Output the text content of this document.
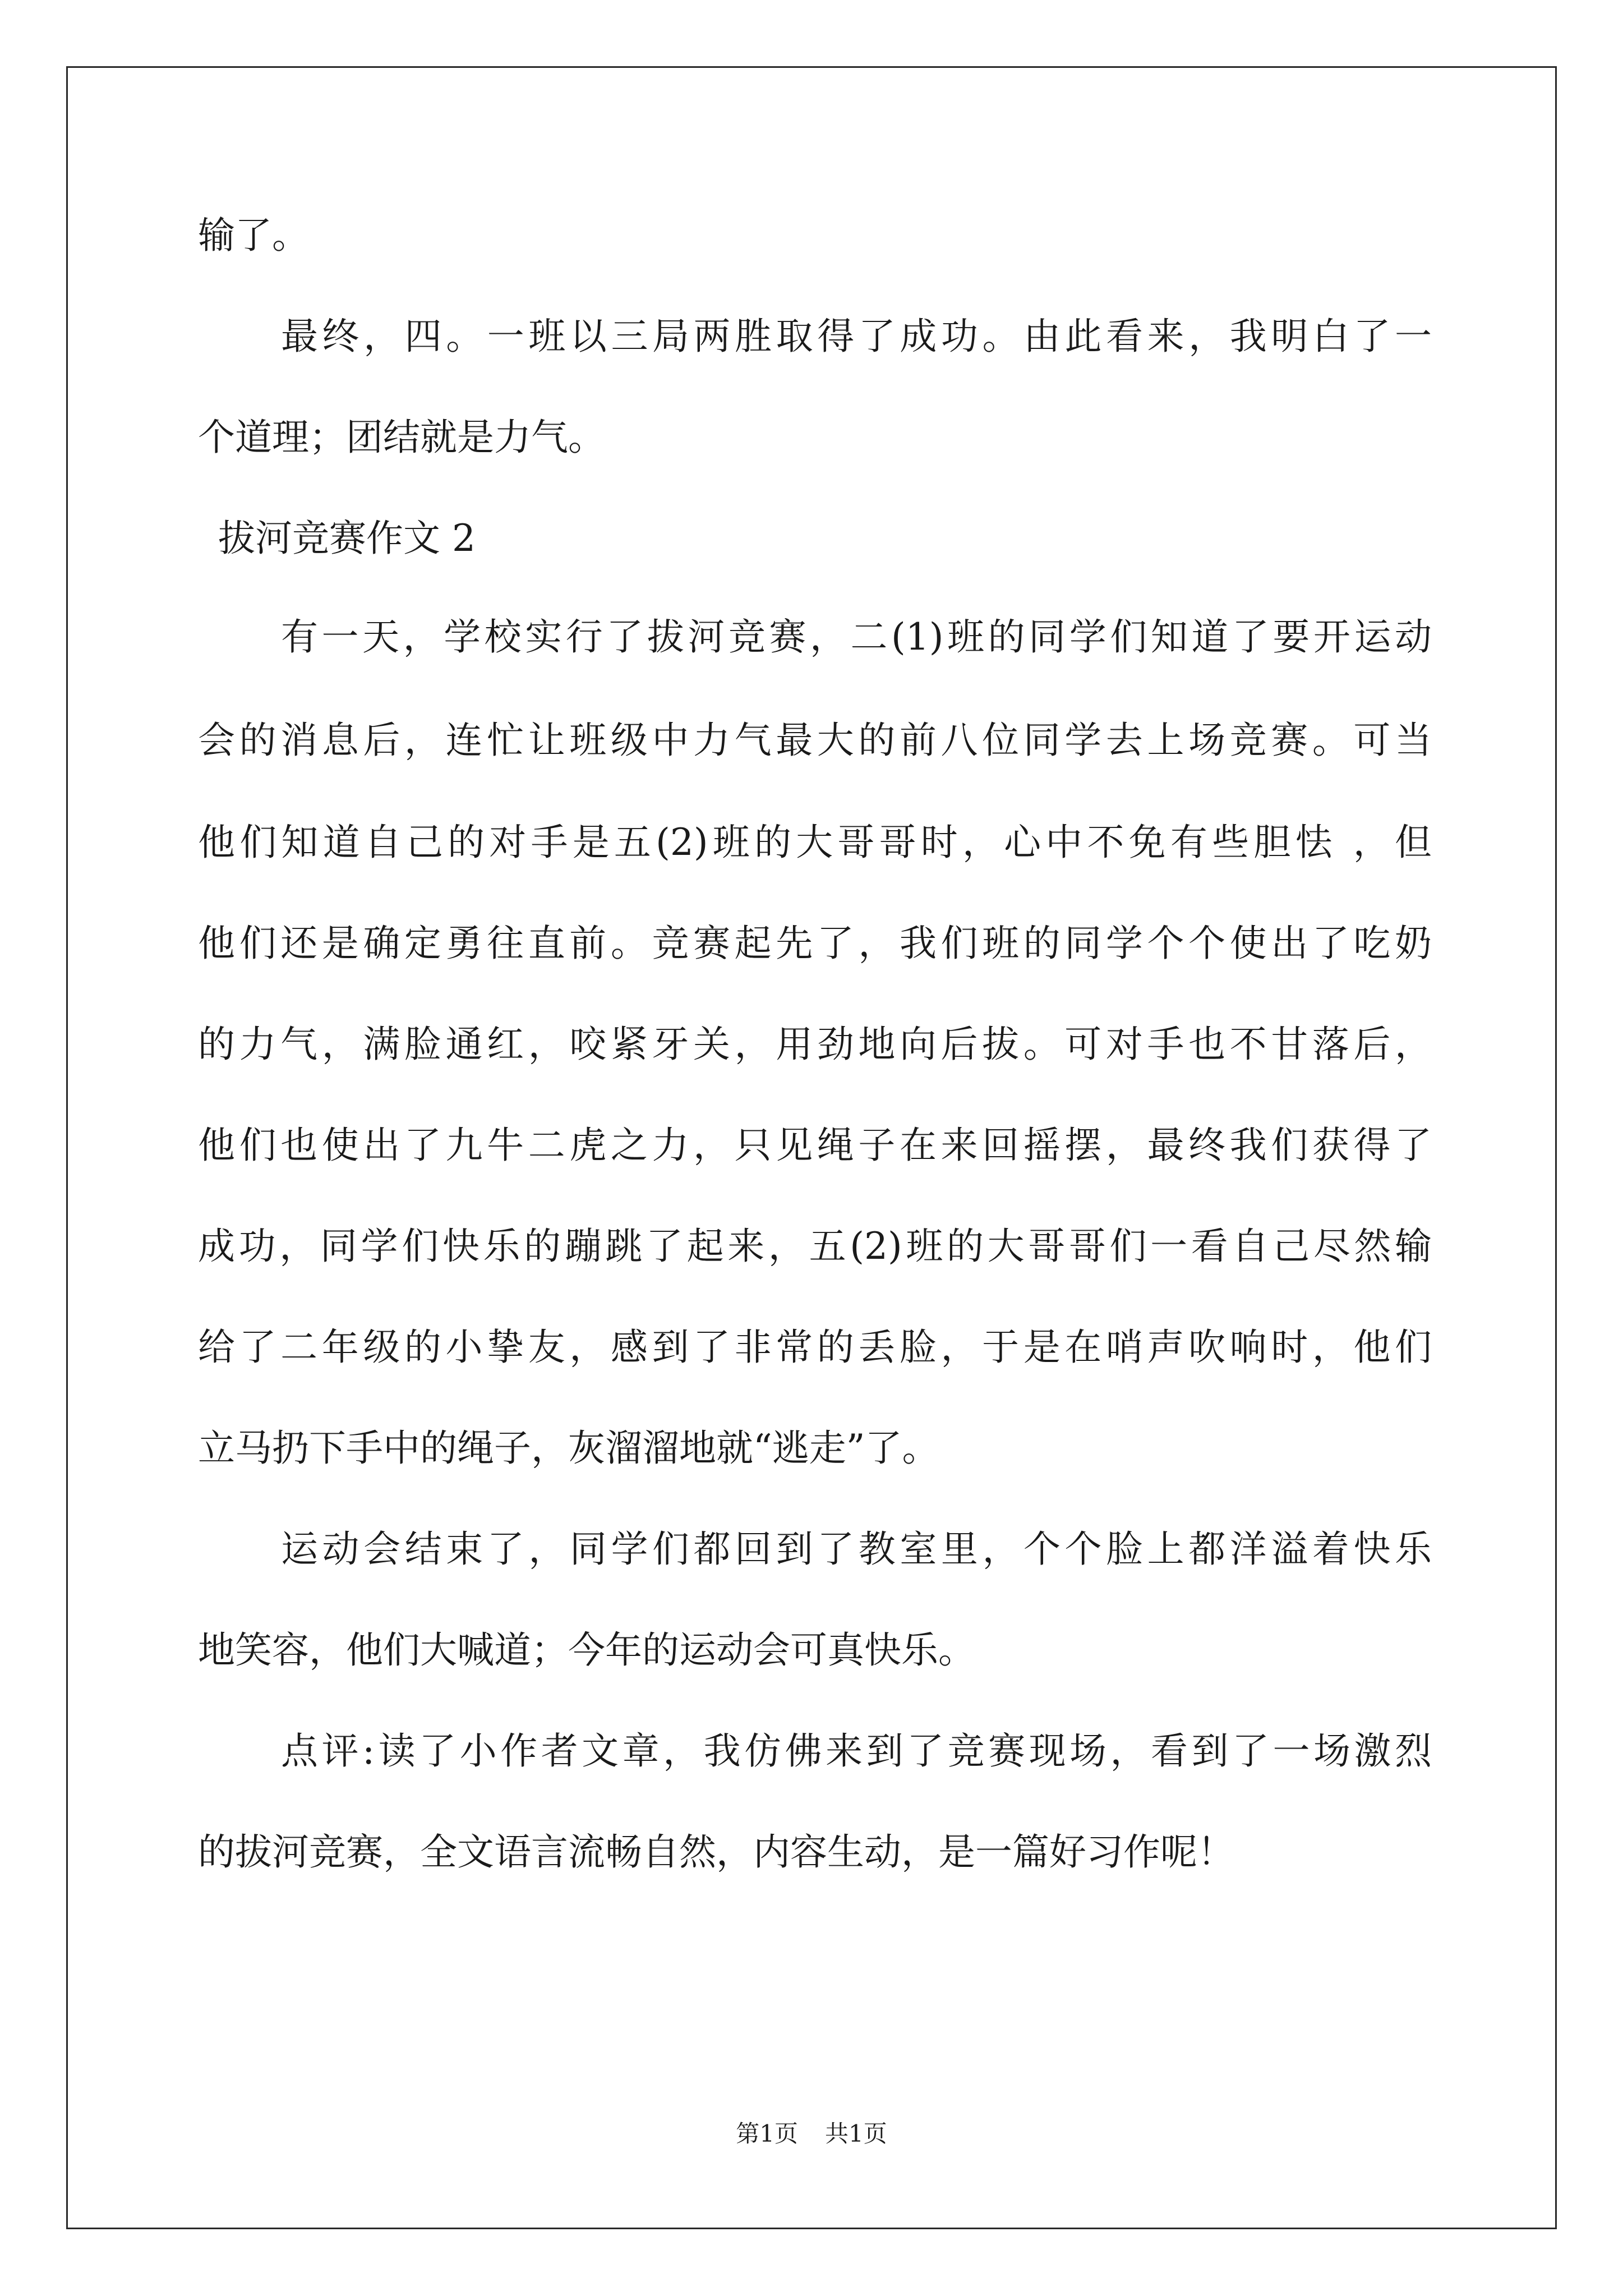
输了。
最终，四。一班以三局两胜取得了成功。由此看来，我明白了一
个道理；团结就是力气。
拔河竞赛作文 2
有一天，学校实行了拔河竞赛，二(1)班的同学们知道了要开运动
会的消息后，连忙让班级中力气最大的前八位同学去上场竞赛。可当
他们知道自己的对手是五(2)班的大哥哥时，心中不免有些胆怯 ，但
他们还是确定勇往直前。竞赛起先了，我们班的同学个个使出了吃奶
的力气，满脸通红，咬紧牙关，用劲地向后拔。可对手也不甘落后，
他们也使出了九牛二虎之力，只见绳子在来回摇摆，最终我们获得了
成功，同学们快乐的蹦跳了起来，五(2)班的大哥哥们一看自己尽然输
给了二年级的小挚友，感到了非常的丢脸，于是在哨声吹响时，他们
立马扔下手中的绳子，灰溜溜地就“逃走”了。
运动会结束了，同学们都回到了教室里，个个脸上都洋溢着快乐
地笑容，他们大喊道；今年的运动会可真快乐。
点评:读了小作者文章，我仿佛来到了竞赛现场，看到了一场激烈
的拔河竞赛，全文语言流畅自然，内容生动，是一篇好习作呢！
第1页 共1页
